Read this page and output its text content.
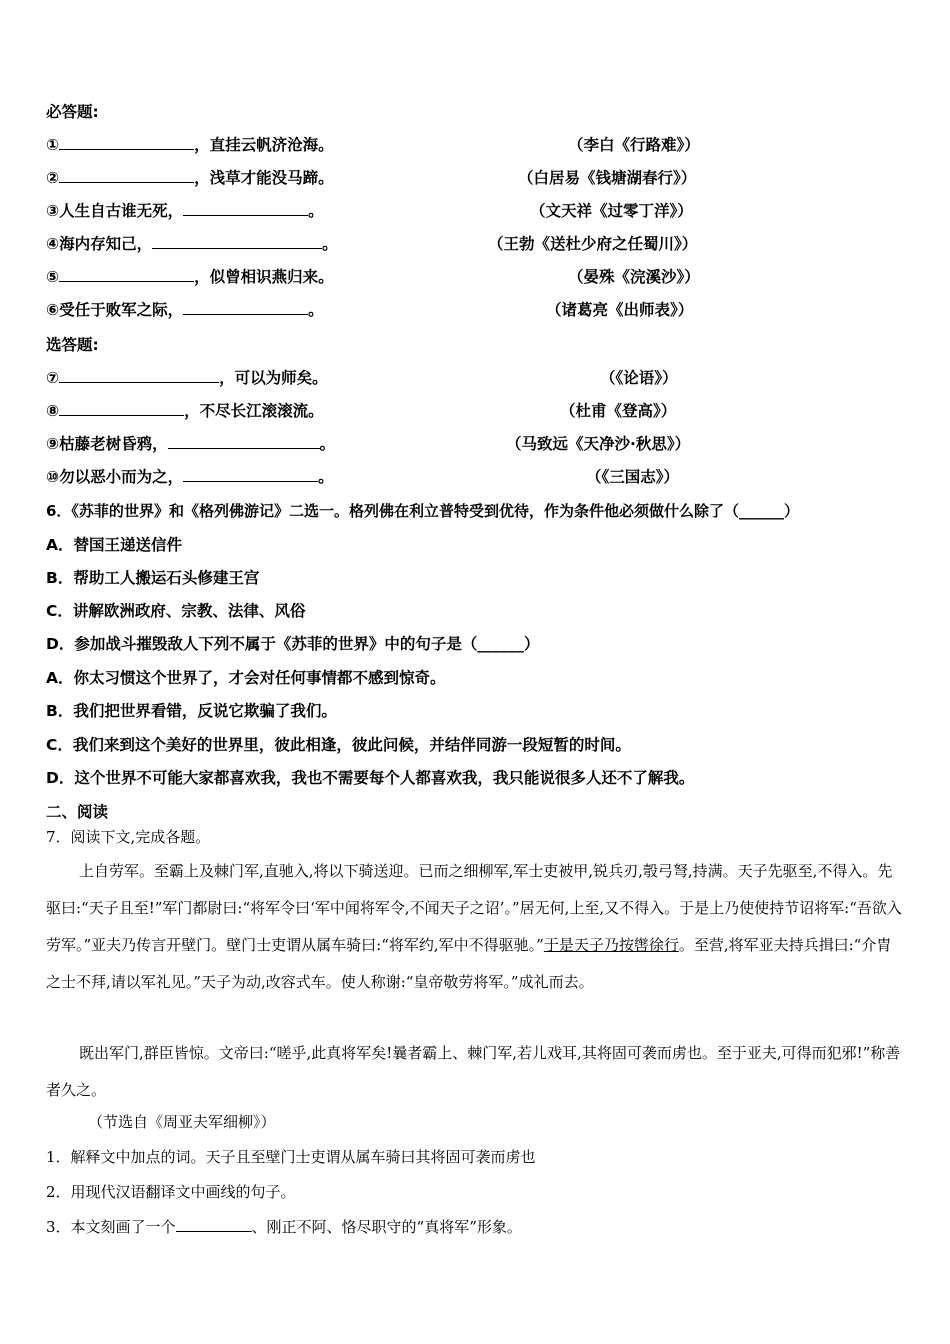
必答题:
①	，直挂云帆济沧海。	（李白《行路难》）
②	，浅草才能没马蹄。	（白居易《钱塘湖春行》）
③人生自古谁无死，	。	（文天祥《过零丁洋》）
④海内存知己，	。	（王勃《送杜少府之任蜀川》）
⑤	，似曾相识燕归来。	（晏殊《浣溪沙》）
⑥受任于败军之际，	。	（诸葛亮《出师表》）
选答题:
⑦	，可以为师矣。	（《论语》）
⑧	，不尽长江滚滚流。	（杜甫《登高》）
⑨枯藤老树昏鸦，	。	（马致远《天净沙·秋思》）
⑩勿以恶小而为之，	。	（《三国志》）
6．《苏菲的世界》和《格列佛游记》二选一。格列佛在利立普特受到优待，作为条件他必须做什么除了（______）
A．替国王递送信件
B．帮助工人搬运石头修建王宫
C．讲解欧洲政府、宗教、法律、风俗
D．参加战斗摧毁敌人下列不属于《苏菲的世界》中的句子是（______）
A．你太习惯这个世界了，才会对任何事情都不感到惊奇。
B．我们把世界看错，反说它欺骗了我们。
C．我们来到这个美好的世界里，彼此相逢，彼此问候，并结伴同游一段短暂的时间。
D．这个世界不可能大家都喜欢我，我也不需要每个人都喜欢我，我只能说很多人还不了解我。
二、阅读
7．阅读下文,完成各题。
上自劳军。至霸上及棘门军,直驰入,将以下骑送迎。已而之细柳军,军士吏被甲,锐兵刃,彀弓弩,持满。天子先驱至,不得入。先驱曰:“天子且至!”军门都尉曰:“将军令曰‘军中闻将军令,不闻天子之诏’。”居无何,上至,又不得入。于是上乃使使持节诏将军:“吾欲入劳军。”亚夫乃传言开壁门。壁门士吏谓从属车骑曰:“将军约,军中不得驱驰。”于是天子乃按辔徐行。至营,将军亚夫持兵揖曰:“介胄之士不拜,请以军礼见。”天子为动,改容式车。使人称谢:“皇帝敬劳将军。”成礼而去。
既出军门,群臣皆惊。文帝曰:“嗟乎,此真将军矣!曩者霸上、棘门军,若儿戏耳,其将固可袭而虏也。至于亚夫,可得而犯邪!”称善者久之。
（节选自《周亚夫军细柳》）
1．解释文中加点的词。天子且至壁门士吏谓从属车骑曰其将固可袭而虏也
2．用现代汉语翻译文中画线的句子。
3．本文刻画了一个	、刚正不阿、恪尽职守的“真将军”形象。
